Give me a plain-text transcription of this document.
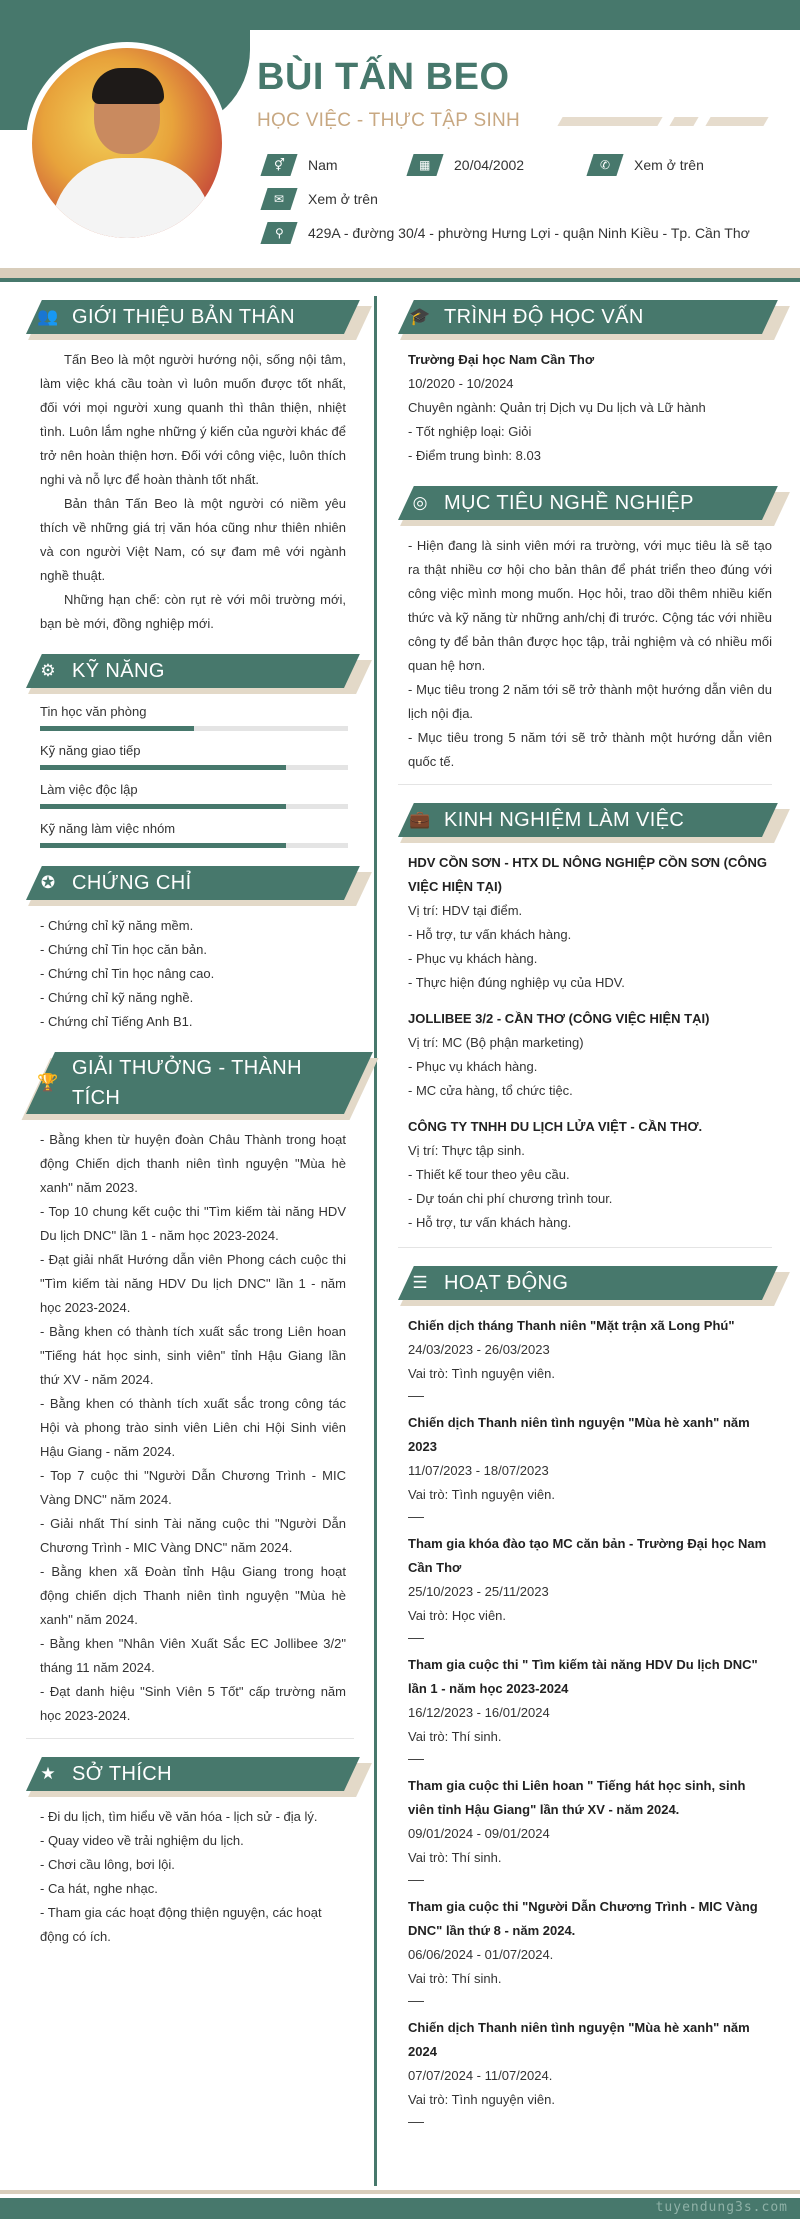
BÙI TẤN BEO
HỌC VIỆC - THỰC TẬP SINH
⚥ Nam	▦ 20/04/2002	✆ Xem ở trên
✉ Xem ở trên
⚲ 429A - đường 30/4 - phường Hưng Lợi - quận Ninh Kiều - Tp. Cần Thơ
👥 GIỚI THIỆU BẢN THÂN
Tấn Beo là một người hướng nội, sống nội tâm, làm việc khá cầu toàn vì luôn muốn được tốt nhất, đối với mọi người xung quanh thì thân thiện, nhiệt tình. Luôn lắm nghe những ý kiến của người khác để trở nên hoàn thiện hơn. Đối với công việc, luôn thích nghi và nỗ lực để hoàn thành tốt nhất.
Bản thân Tấn Beo là một người có niềm yêu thích về những giá trị văn hóa cũng như thiên nhiên và con người Việt Nam, có sự đam mê với ngành nghề thuật.
Những hạn chế: còn rụt rè với môi trường mới, bạn bè mới, đồng nghiệp mới.
⚙ KỸ NĂNG
Tin học văn phòng
Kỹ năng giao tiếp
Làm việc độc lập
Kỹ năng làm việc nhóm
✪ CHỨNG CHỈ
- Chứng chỉ kỹ năng mềm.
- Chứng chỉ Tin học căn bản.
- Chứng chỉ Tin học nâng cao.
- Chứng chỉ kỹ năng nghề.
- Chứng chỉ Tiếng Anh B1.
🏆
GIẢI THƯỞNG - THÀNH
TÍCH
- Bằng khen từ huyện đoàn Châu Thành trong hoạt động Chiến dịch thanh niên tình nguyện "Mùa hè xanh" năm 2023.
- Top 10 chung kết cuộc thi "Tìm kiếm tài năng HDV Du lịch DNC" lần 1 - năm học 2023-2024.
- Đạt giải nhất Hướng dẫn viên Phong cách cuộc thi "Tìm kiếm tài năng HDV Du lịch DNC" lần 1 - năm học 2023-2024.
- Bằng khen có thành tích xuất sắc trong Liên hoan "Tiếng hát học sinh, sinh viên" tỉnh Hậu Giang lần thứ XV - năm 2024.
- Bằng khen có thành tích xuất sắc trong công tác Hội và phong trào sinh viên Liên chi Hội Sinh viên Hậu Giang - năm 2024.
- Top 7 cuộc thi "Người Dẫn Chương Trình - MIC Vàng DNC" năm 2024.
- Giải nhất Thí sinh Tài năng cuộc thi "Người Dẫn Chương Trình - MIC Vàng DNC" năm 2024.
- Bằng khen xã Đoàn tỉnh Hậu Giang trong hoạt động chiến dịch Thanh niên tình nguyện "Mùa hè xanh" năm 2024.
- Bằng khen "Nhân Viên Xuất Sắc EC Jollibee 3/2" tháng 11 năm 2024.
- Đạt danh hiệu "Sinh Viên 5 Tốt" cấp trường năm học 2023-2024.
★ SỞ THÍCH
- Đi du lịch, tìm hiểu về văn hóa - lịch sử - địa lý.
- Quay video về trải nghiệm du lịch.
- Chơi cầu lông, bơi lội.
- Ca hát, nghe nhạc.
- Tham gia các hoạt động thiện nguyện, các hoạt động có ích.
🎓 TRÌNH ĐỘ HỌC VẤN
Trường Đại học Nam Cần Thơ
10/2020 - 10/2024
Chuyên ngành: Quản trị Dịch vụ Du lịch và Lữ hành
- Tốt nghiệp loại: Giỏi
- Điểm trung bình: 8.03
◎ MỤC TIÊU NGHỀ NGHIỆP
- Hiện đang là sinh viên mới ra trường, với mục tiêu là sẽ tạo ra thật nhiều cơ hội cho bản thân để phát triển theo đúng với công việc mình mong muốn. Học hỏi, trao dồi thêm nhiều kiến thức và kỹ năng từ những anh/chị đi trước. Cộng tác với nhiều công ty để bản thân được học tập, trải nghiệm và có nhiều mối quan hệ hơn.
- Mục tiêu trong 2 năm tới sẽ trở thành một hướng dẫn viên du lịch nội địa.
- Mục tiêu trong 5 năm tới sẽ trở thành một hướng dẫn viên quốc tế.
💼 KINH NGHIỆM LÀM VIỆC
HDV CỒN SƠN - HTX DL NÔNG NGHIỆP CỒN SƠN (CÔNG VIỆC HIỆN TẠI)
Vị trí: HDV tại điểm.
- Hỗ trợ, tư vấn khách hàng.
- Phục vụ khách hàng.
- Thực hiện đúng nghiệp vụ của HDV.
JOLLIBEE 3/2 - CẦN THƠ (CÔNG VIỆC HIỆN TẠI)
Vị trí: MC (Bộ phận marketing)
- Phục vụ khách hàng.
- MC cửa hàng, tổ chức tiệc.
CÔNG TY TNHH DU LỊCH LỬA VIỆT - CẦN THƠ.
Vị trí: Thực tập sinh.
- Thiết kế tour theo yêu cầu.
- Dự toán chi phí chương trình tour.
- Hỗ trợ, tư vấn khách hàng.
☰ HOẠT ĐỘNG
Chiến dịch tháng Thanh niên "Mặt trận xã Long Phú"
24/03/2023 - 26/03/2023
Vai trò: Tình nguyện viên.
Chiến dịch Thanh niên tình nguyện "Mùa hè xanh" năm 2023
11/07/2023 - 18/07/2023
Vai trò: Tình nguyện viên.
Tham gia khóa đào tạo MC căn bản - Trường Đại học Nam Cần Thơ
25/10/2023 - 25/11/2023
Vai trò: Học viên.
Tham gia cuộc thi " Tìm kiếm tài năng HDV Du lịch DNC" lần 1 - năm học 2023-2024
16/12/2023 - 16/01/2024
Vai trò: Thí sinh.
Tham gia cuộc thi Liên hoan " Tiếng hát học sinh, sinh viên tỉnh Hậu Giang" lần thứ XV - năm 2024.
09/01/2024 - 09/01/2024
Vai trò: Thí sinh.
Tham gia cuộc thi "Người Dẫn Chương Trình - MIC Vàng DNC" lần thứ 8 - năm 2024.
06/06/2024 - 01/07/2024.
Vai trò: Thí sinh.
Chiến dịch Thanh niên tình nguyện "Mùa hè xanh" năm 2024
07/07/2024 - 11/07/2024.
Vai trò: Tình nguyện viên.
tuyendung3s.com
